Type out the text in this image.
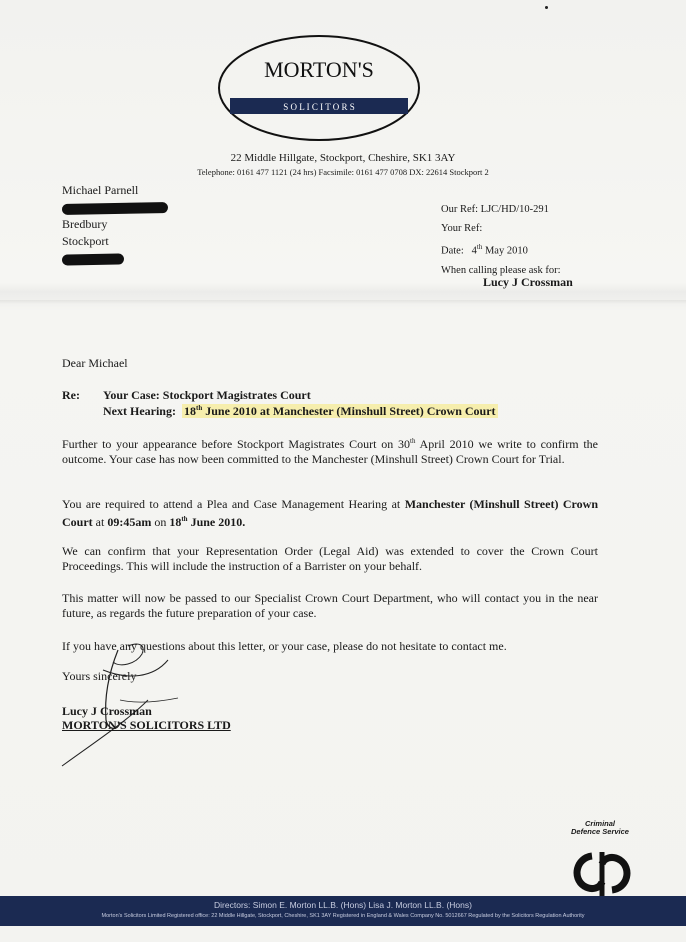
MORTON'S
S O L I C I T O R S
22 Middle Hillgate, Stockport, Cheshire, SK1 3AY
Telephone: 0161 477 1121 (24 hrs) Facsimile: 0161 477 0708 DX: 22614 Stockport 2
Michael Parnell
Bredbury
Stockport
Our Ref: LJC/HD/10-291
Your Ref:
Date: 4th May 2010
When calling please ask for:
Lucy J Crossman
Dear Michael
Re: Your Case: Stockport Magistrates Court
Next Hearing: 18th June 2010 at Manchester (Minshull Street) Crown Court
Further to your appearance before Stockport Magistrates Court on 30th April 2010 we write to confirm the outcome. Your case has now been committed to the Manchester (Minshull Street) Crown Court for Trial.
You are required to attend a Plea and Case Management Hearing at Manchester (Minshull Street) Crown Court at 09:45am on 18th June 2010.
We can confirm that your Representation Order (Legal Aid) was extended to cover the Crown Court Proceedings. This will include the instruction of a Barrister on your behalf.
This matter will now be passed to our Specialist Crown Court Department, who will contact you in the near future, as regards the future preparation of your case.
If you have any questions about this letter, or your case, please do not hesitate to contact me.
Yours sincerely
Lucy J Crossman
MORTON'S SOLICITORS LTD
Criminal
Defence Service
Directors: Simon E. Morton LL.B. (Hons) Lisa J. Morton LL.B. (Hons)
Morton's Solicitors Limited Registered office: 22 Middle Hillgate, Stockport, Cheshire, SK1 3AY Registered in England & Wales Company No. 5012667 Regulated by the Solicitors Regulation Authority
